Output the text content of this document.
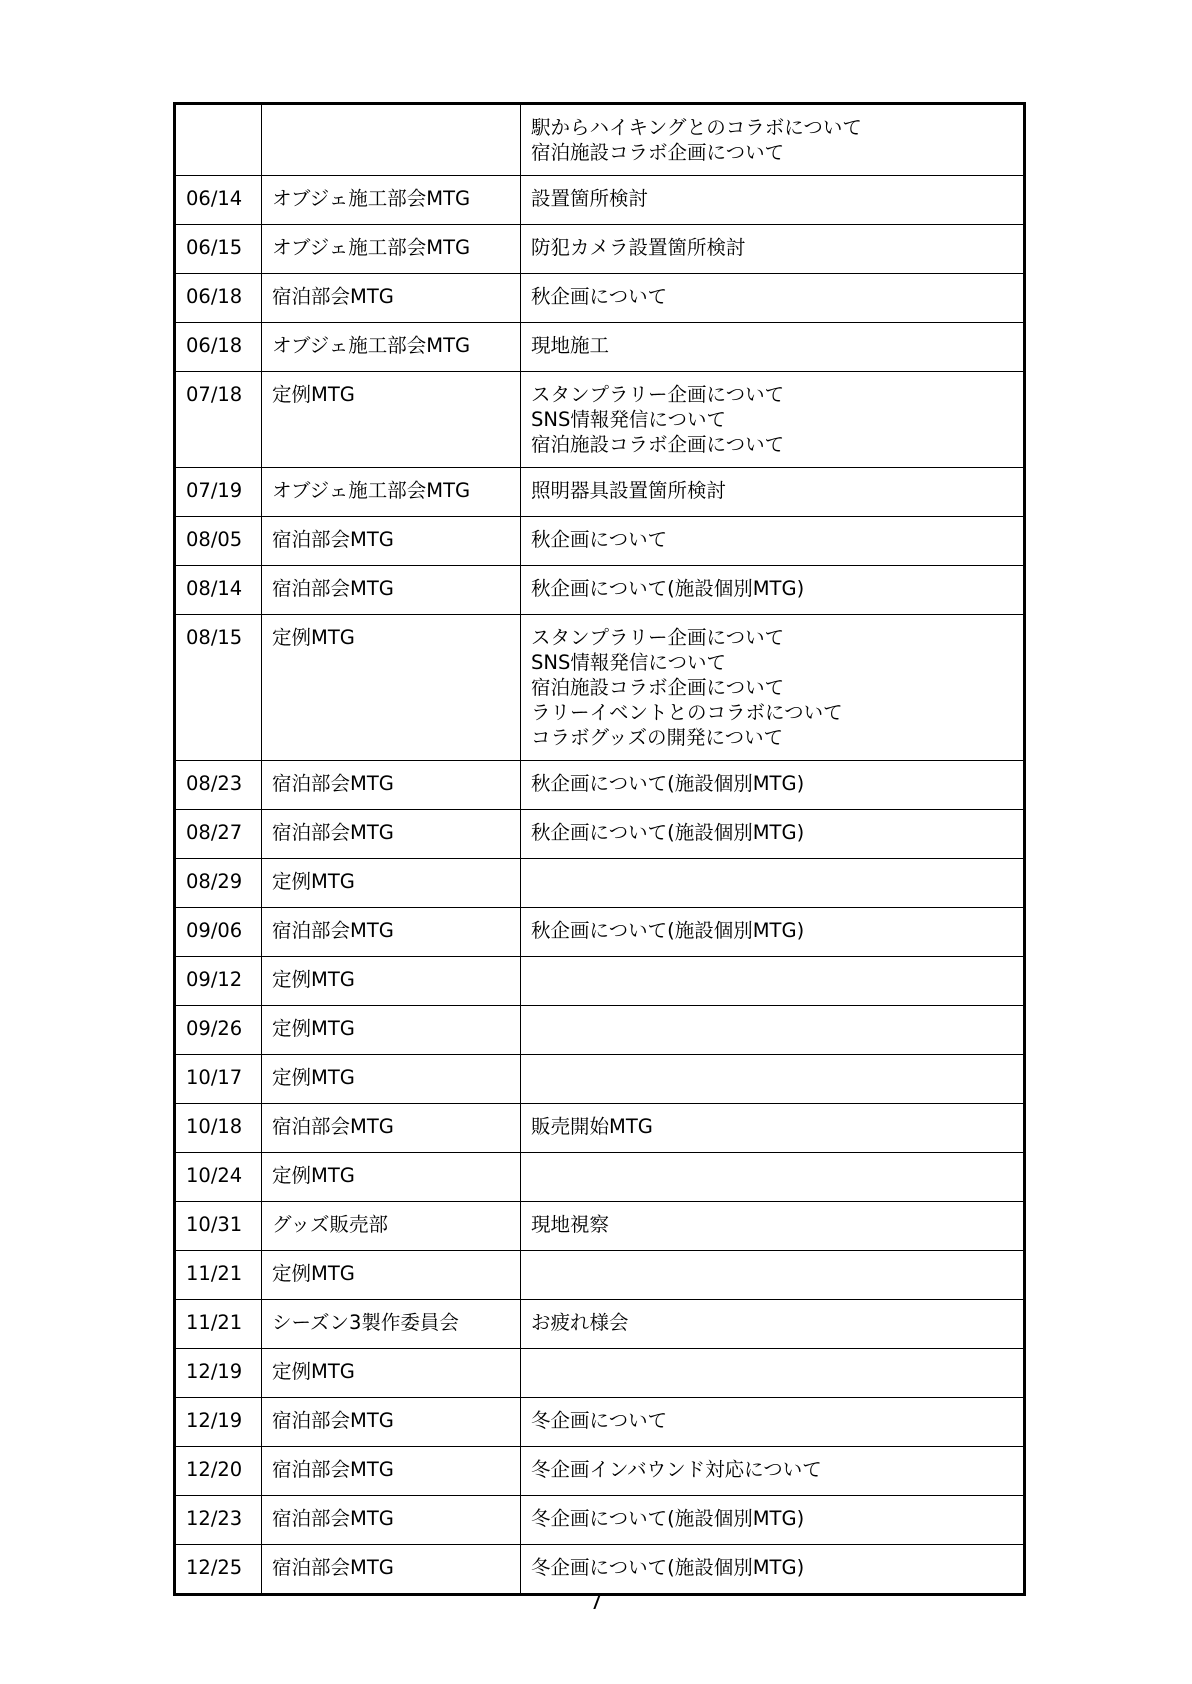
		駅からハイキングとのコラボについて
宿泊施設コラボ企画について

06/14	オブジェ施工部会MTG	設置箇所検討

06/15	オブジェ施工部会MTG	防犯カメラ設置箇所検討

06/18	宿泊部会MTG	秋企画について

06/18	オブジェ施工部会MTG	現地施工

07/18	定例MTG	スタンプラリー企画について
SNS情報発信について
宿泊施設コラボ企画について

07/19	オブジェ施工部会MTG	照明器具設置箇所検討

08/05	宿泊部会MTG	秋企画について

08/14	宿泊部会MTG	秋企画について(施設個別MTG)

08/15	定例MTG	スタンプラリー企画について
SNS情報発信について
宿泊施設コラボ企画について
ラリーイベントとのコラボについて
コラボグッズの開発について

08/23	宿泊部会MTG	秋企画について(施設個別MTG)

08/27	宿泊部会MTG	秋企画について(施設個別MTG)

08/29	定例MTG	
09/06	宿泊部会MTG	秋企画について(施設個別MTG)

09/12	定例MTG	
09/26	定例MTG	
10/17	定例MTG	
10/18	宿泊部会MTG	販売開始MTG

10/24	定例MTG	
10/31	グッズ販売部	現地視察

11/21	定例MTG	
11/21	シーズン3製作委員会	お疲れ様会

12/19	定例MTG	
12/19	宿泊部会MTG	冬企画について

12/20	宿泊部会MTG	冬企画インバウンド対応について

12/23	宿泊部会MTG	冬企画について(施設個別MTG)

12/25	宿泊部会MTG	冬企画について(施設個別MTG)
7
